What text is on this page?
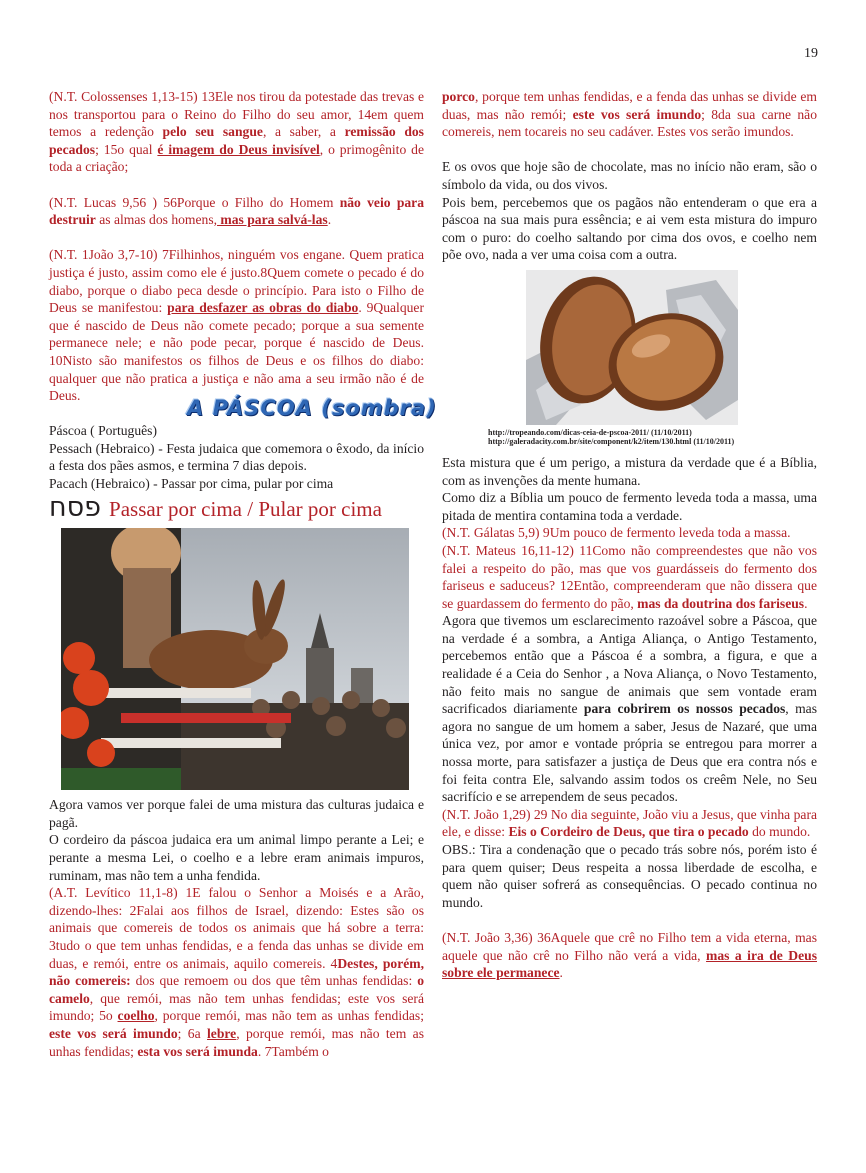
19

(N.T. Colossenses 1,13-15) 13Ele nos tirou da potestade das trevas e nos transportou para o Reino do Filho do seu amor, 14em quem temos a redenção pelo seu sangue, a saber, a remissão dos pecados; 15o qual é imagem do Deus invisível, o primogênito de toda a criação;

(N.T. Lucas 9,56 ) 56Porque o Filho do Homem não veio para destruir as almas dos homens, mas para salvá-las.

(N.T. 1João 3,7-10) 7Filhinhos, ninguém vos engane. Quem pratica justiça é justo, assim como ele é justo.8Quem comete o pecado é do diabo, porque o diabo peca desde o princípio. Para isto o Filho de Deus se manifestou: para desfazer as obras do diabo. 9Qualquer que é nascido de Deus não comete pecado; porque a sua semente permanece nele; e não pode pecar, porque é nascido de Deus. 10Nisto são manifestos os filhos de Deus e os filhos do diabo: qualquer que não pratica a justiça e não ama a seu irmão não é de Deus.

Páscoa ( Português)

A PÁSCOA (sombra)

Pessach (Hebraico) - Festa judaica que comemora o êxodo, da início a festa dos pães asmos, e termina 7 dias depois.

Pacach (Hebraico) - Passar por cima, pular por cima

פסח Passar por cima / Pular por cima

Agora vamos ver porque falei de uma mistura das culturas judaica e pagã.

O cordeiro da páscoa judaica era um animal limpo perante a Lei; e perante a mesma Lei, o coelho e a lebre eram animais impuros, ruminam, mas não tem a unha fendida.

(A.T. Levítico 11,1-8) 1E falou o Senhor a Moisés e a Arão, dizendo-lhes: 2Falai aos filhos de Israel, dizendo: Estes são os animais que comereis de todos os animais que há sobre a terra: 3tudo o que tem unhas fendidas, e a fenda das unhas se divide em duas, e remói, entre os animais, aquilo comereis. 4Destes, porém, não comereis: dos que remoem ou dos que têm unhas fendidas: o camelo, que remói, mas não tem unhas fendidas; este vos será imundo; 5o coelho, porque remói, mas não tem as unhas fendidas; este vos será imundo; 6a lebre, porque remói, mas não tem as unhas fendidas; esta vos será imunda. 7Também o

porco, porque tem unhas fendidas, e a fenda das unhas se divide em duas, mas não remói; este vos será imundo; 8da sua carne não comereis, nem tocareis no seu cadáver. Estes vos serão imundos.

E os ovos que hoje são de chocolate, mas no início não eram, são o símbolo da vida, ou dos vivos.

Pois bem, percebemos que os pagãos não entenderam o que era a páscoa na sua mais pura essência; e ai vem esta mistura do impuro com o puro: do coelho saltando por cima dos ovos, e coelho nem põe ovo, nada a ver uma coisa com a outra.

http://tropeando.com/dicas-ceia-de-pscoa-2011/ (11/10/2011)
http://galeradacity.com.br/site/component/k2/item/130.html (11/10/2011)

Esta mistura que é um perigo, a mistura da verdade que é a Bíblia, com as invenções da mente humana.

Como diz a Bíblia um pouco de fermento leveda toda a massa, uma pitada de mentira contamina toda a verdade.

(N.T. Gálatas 5,9) 9Um pouco de fermento leveda toda a massa.

(N.T. Mateus 16,11-12) 11Como não compreendestes que não vos falei a respeito do pão, mas que vos guardásseis do fermento dos fariseus e saduceus? 12Então, compreenderam que não dissera que se guardassem do fermento do pão, mas da doutrina dos fariseus.

Agora que tivemos um esclarecimento razoável sobre a Páscoa, que na verdade é a sombra, a Antiga Aliança, o Antigo Testamento, percebemos então que a Páscoa é a sombra, a figura, e que a realidade é a Ceia do Senhor , a Nova Aliança, o Novo Testamento, não feito mais no sangue de animais que sem vontade eram sacrificados diariamente para cobrirem os nossos pecados, mas agora no sangue de um homem a saber, Jesus de Nazaré, que uma única vez, por amor e vontade própria se entregou para morrer a nossa morte, para satisfazer a justiça de Deus que era contra nós e foi feita contra Ele, salvando assim todos os creêm Nele, no Seu sacrifício e se arrependem de seus pecados.

(N.T. João 1,29) 29 No dia seguinte, João viu a Jesus, que vinha para ele, e disse: Eis o Cordeiro de Deus, que tira o pecado do mundo.

OBS.: Tira a condenação que o pecado trás sobre nós, porém isto é para quem quiser; Deus respeita a nossa liberdade de escolha, e quem não quiser sofrerá as consequências. O pecado continua no mundo.

(N.T. João 3,36) 36Aquele que crê no Filho tem a vida eterna, mas aquele que não crê no Filho não verá a vida, mas a ira de Deus sobre ele permanece.
